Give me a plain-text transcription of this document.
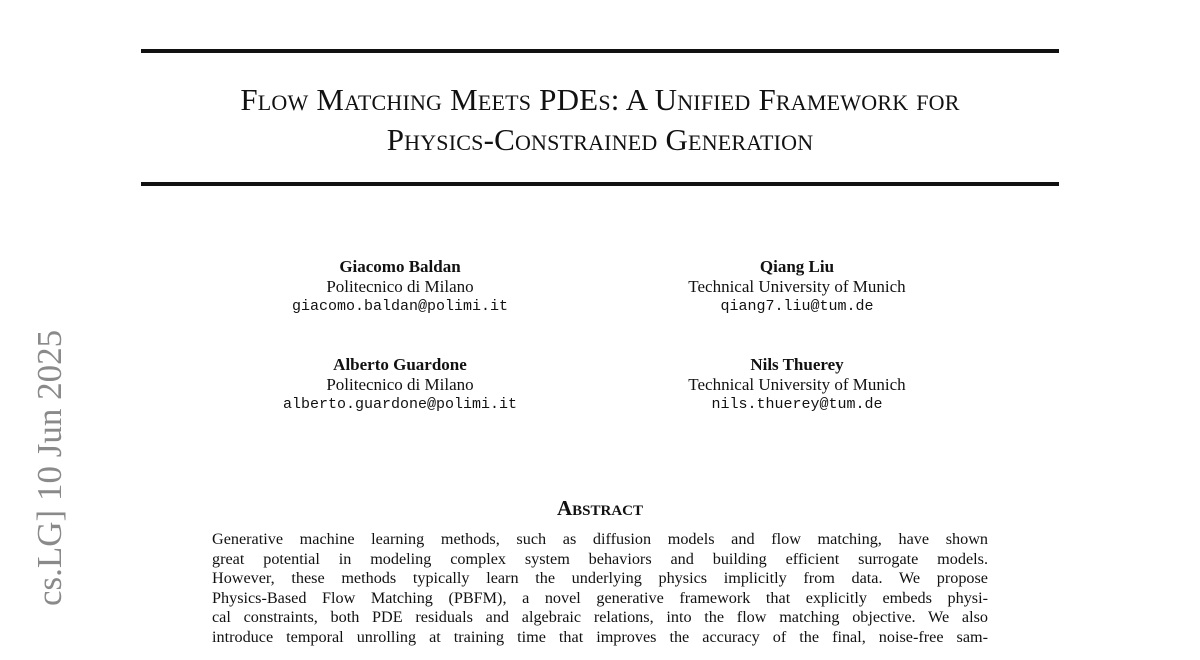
Flow Matching Meets PDEs: A Unified Framework for
Physics-Constrained Generation
Giacomo Baldan
Politecnico di Milano
giacomo.baldan@polimi.it
Qiang Liu
Technical University of Munich
qiang7.liu@tum.de
Alberto Guardone
Politecnico di Milano
alberto.guardone@polimi.it
Nils Thuerey
Technical University of Munich
nils.thuerey@tum.de
Abstract
Generative machine learning methods, such as diffusion models and flow matching, have shown
great potential in modeling complex system behaviors and building efficient surrogate models.
However, these methods typically learn the underlying physics implicitly from data. We propose
Physics-Based Flow Matching (PBFM), a novel generative framework that explicitly embeds physi-
cal constraints, both PDE residuals and algebraic relations, into the flow matching objective. We also
introduce temporal unrolling at training time that improves the accuracy of the final, noise-free sam-
cs.LG] 10 Jun 2025
